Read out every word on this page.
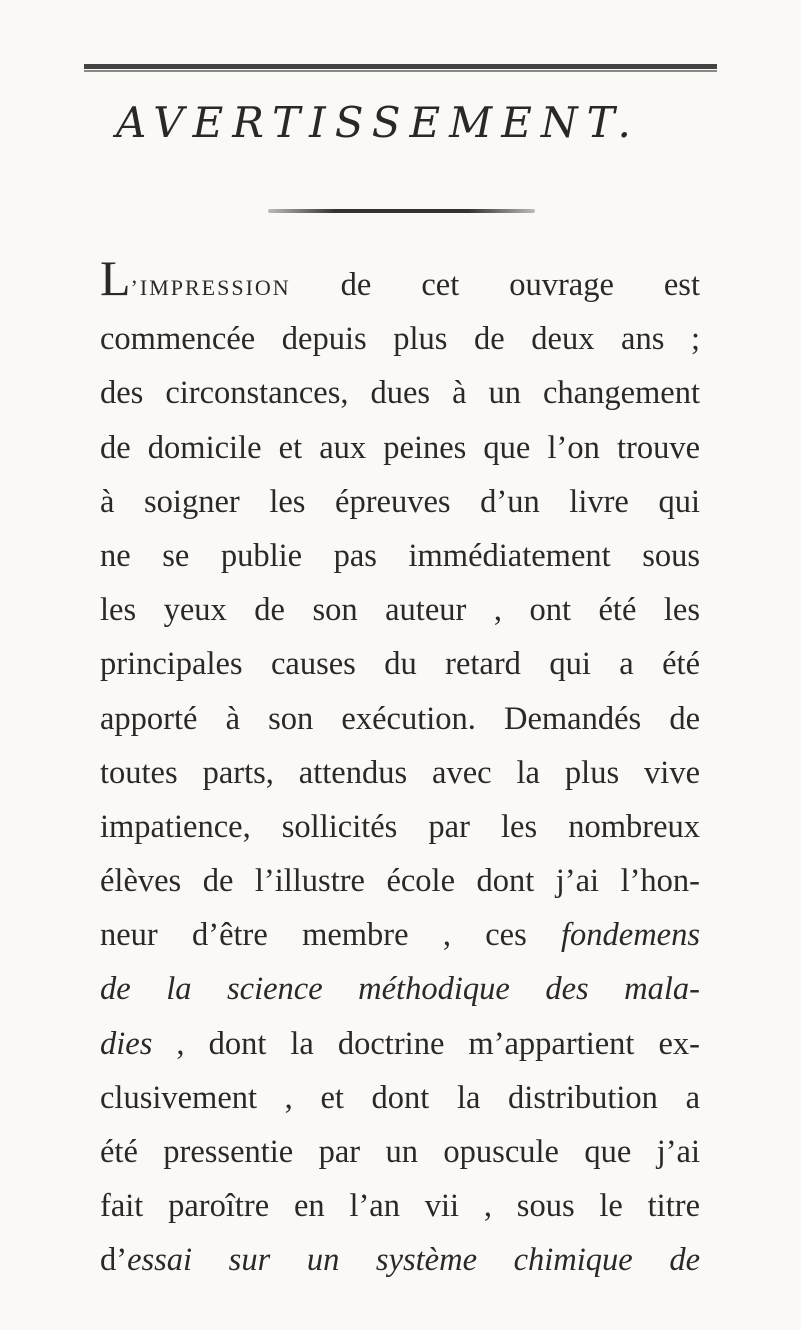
AVERTISSEMENT.
L’IMPRESSION de cet ouvrage est
commencée depuis plus de deux ans ;
des circonstances, dues à un changement
de domicile et aux peines que l’on trouve
à soigner les épreuves d’un livre qui
ne se publie pas immédiatement sous
les yeux de son auteur , ont été les
principales causes du retard qui a été
apporté à son exécution. Demandés de
toutes parts, attendus avec la plus vive
impatience, sollicités par les nombreux
élèves de l’illustre école dont j’ai l’hon-
neur d’être membre , ces fondemens
de la science méthodique des mala-
dies , dont la doctrine m’appartient ex-
clusivement , et dont la distribution a
été pressentie par un opuscule que j’ai
fait paroître en l’an vii , sous le titre
d’essai sur un système chimique de
